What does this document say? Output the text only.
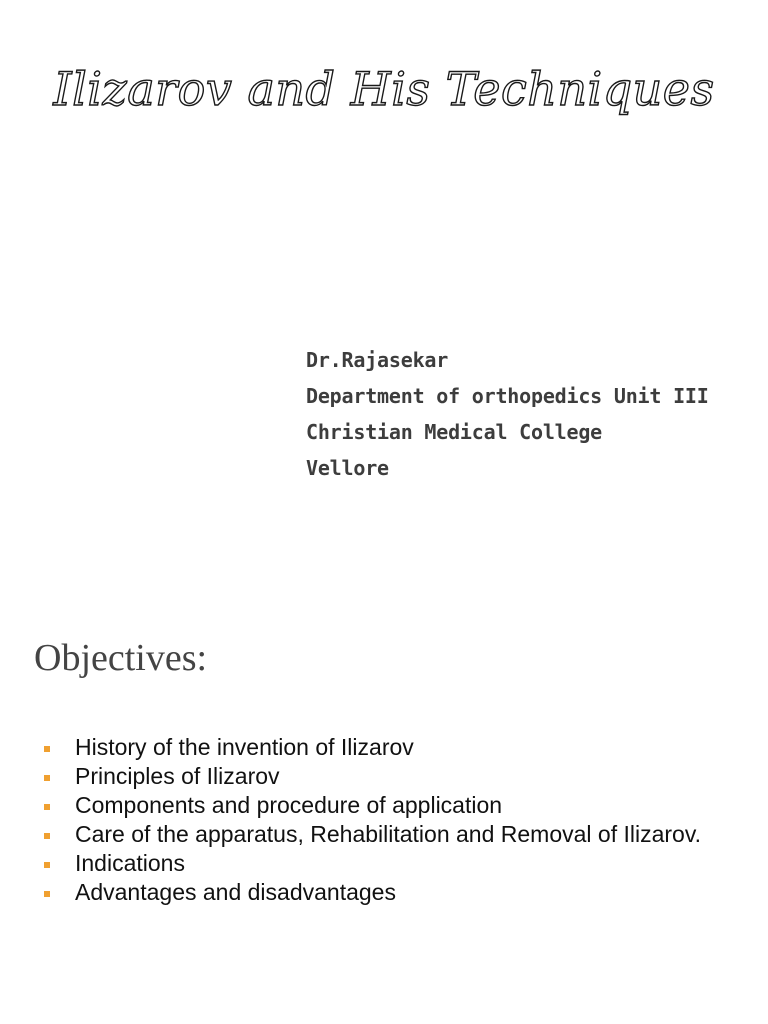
Ilizarov and His Techniques
Dr.Rajasekar
Department of orthopedics Unit III
Christian Medical College
Vellore
Objectives:
History of the invention of Ilizarov
Principles of Ilizarov
Components and procedure of application
Care of the apparatus, Rehabilitation and Removal of Ilizarov.
Indications
Advantages and disadvantages
